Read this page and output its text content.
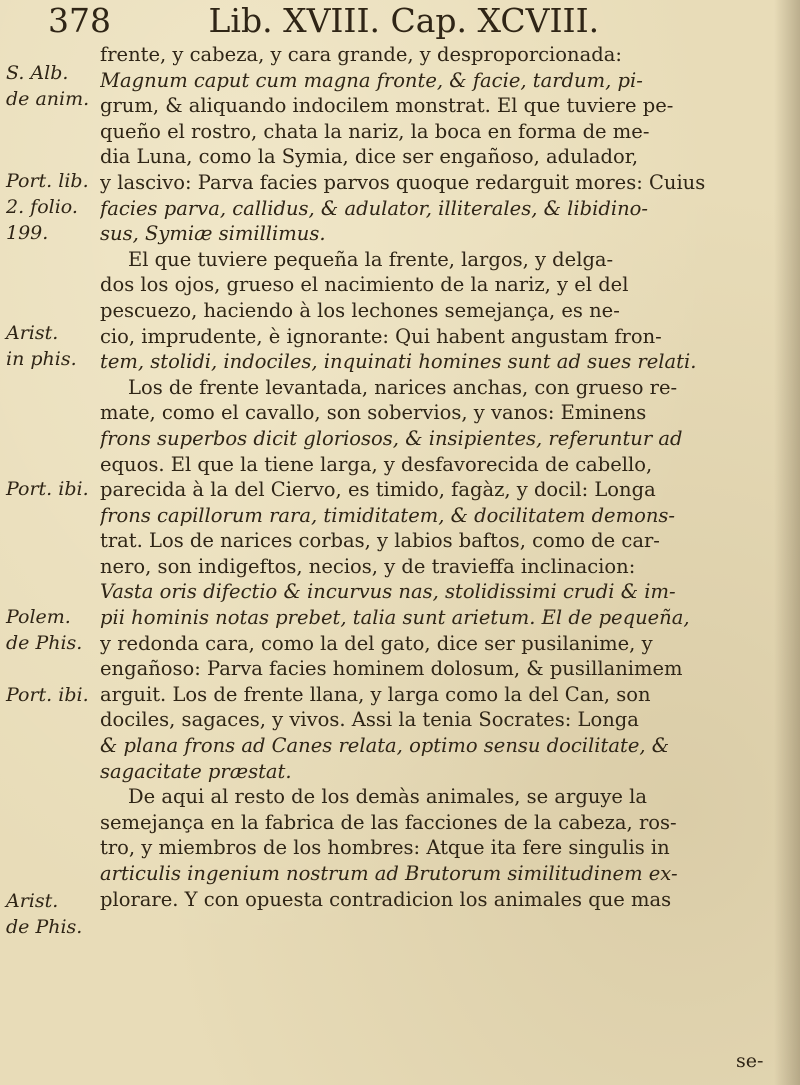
378	Lib. XVIII. Cap. XCVIII.
S. Alb.
de anim.
Port. lib.
2. folio.
199.
Arist.
in phis.
Port. ibi.
Polem.
de Phis.
Port. ibi.
Arist.
de Phis.
frente, y cabeza, y cara grande, y desproporcionada:
Magnum caput cum magna fronte, & facie, tardum, pi-
grum, & aliquando indocilem monstrat. El que tuviere pe-
queño el rostro, chata la nariz, la boca en forma de me-
dia Luna, como la Symia, dice ser engañoso, adulador,
y lascivo: Parva facies parvos quoque redarguit mores: Cuius
facies parva, callidus, & adulator, illiterales, & libidino-
sus, Symiæ simillimus.
El que tuviere pequeña la frente, largos, y delga-
dos los ojos, grueso el nacimiento de la nariz, y el del
pescuezo, haciendo à los lechones semejança, es ne-
cio, imprudente, è ignorante: Qui habent angustam fron-
tem, stolidi, indociles, inquinati homines sunt ad sues relati.
Los de frente levantada, narices anchas, con grueso re-
mate, como el cavallo, son sobervios, y vanos: Eminens
frons superbos dicit gloriosos, & insipientes, referuntur ad
equos. El que la tiene larga, y desfavorecida de cabello,
parecida à la del Ciervo, es timido, fagàz, y docil: Longa
frons capillorum rara, timiditatem, & docilitatem demons-
trat. Los de narices corbas, y labios baftos, como de car-
nero, son indigeftos, necios, y de travieffa inclinacion:
Vasta oris difectio & incurvus nas, stolidissimi crudi & im-
pii hominis notas prebet, talia sunt arietum. El de pequeña,
y redonda cara, como la del gato, dice ser pusilanime, y
engañoso: Parva facies hominem dolosum, & pusillanimem
arguit. Los de frente llana, y larga como la del Can, son
dociles, sagaces, y vivos. Assi la tenia Socrates: Longa
& plana frons ad Canes relata, optimo sensu docilitate, &
sagacitate præstat.
De aqui al resto de los demàs animales, se arguye la
semejança en la fabrica de las facciones de la cabeza, ros-
tro, y miembros de los hombres: Atque ita fere singulis in
articulis ingenium nostrum ad Brutorum similitudinem ex-
plorare. Y con opuesta contradicion los animales que mas
se-
